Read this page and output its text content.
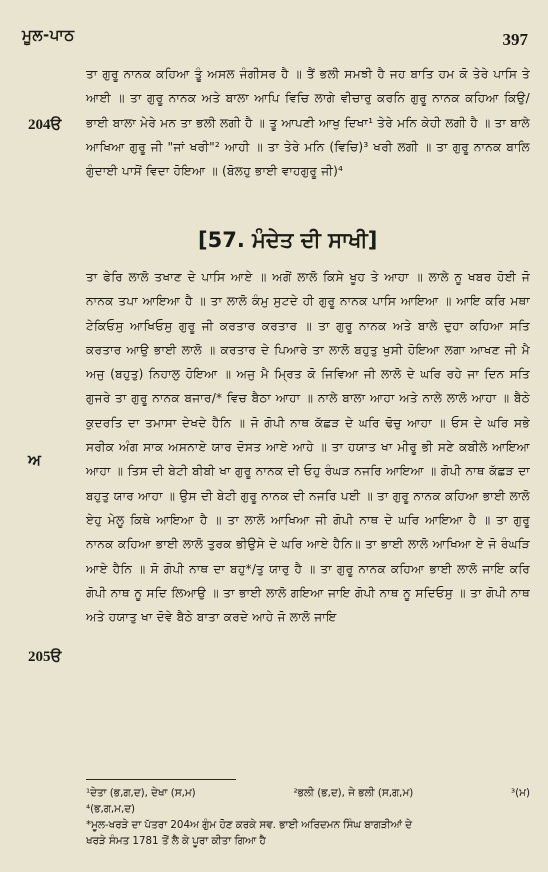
ਮੂਲ-ਪਾਠ	397
ਤਾ ਗੁਰੂ ਨਾਨਕ ਕਹਿਆ ਤੂੰ ਅਸਲ ਜੰਗੀਸਰ ਹੈ ॥ ਤੈਂ ਭਲੀ ਸਮਝੀ ਹੈ ਜਹ ਬਾਤਿ ਹਮ ਕੋ ਤੇਰੇ ਪਾਸਿ ਤੇ ਆਈ ॥ ਤਾ ਗੁਰੂ ਨਾਨਕ ਅਤੇ ਬਾਲਾ ਆਪਿ ਵਿਚਿ ਲਾਗੇ ਵੀਚਾਰੁ ਕਰਨਿ ਗੁਰੂ ਨਾਨਕ ਕਹਿਆ ਕਿਉ/ਭਾਈ ਬਾਲਾ ਮੇਰੇ ਮਨ ਤਾ ਭਲੀ ਲਗੀ ਹੈ ॥ ਤੂ ਆਪਣੀ ਆਖੁ ਦਿਖਾ¹ ਤੇਰੇ ਮਨਿ ਕੇਹੀ ਲਗੀ ਹੈ ॥ ਤਾ ਬਾਲੇ ਆਖਿਆ ਗੁਰੂ ਜੀ "ਜਾਂ ਖਰੀ"² ਆਹੀ ॥ ਤਾ ਤੇਰੇ ਮਨਿ (ਵਿਚਿ)³ ਖਰੀ ਲਗੀ ॥ ਤਾ ਗੁਰੂ ਨਾਨਕ ਬਾਲਿ ਗੁੰਦਾਈ ਪਾਸੋਂ ਵਿਦਾ ਹੋਇਆ ॥ (ਬੋਲਹੁ ਭਾਈ ਵਾਹਗੁਰੂ ਜੀ)⁴
204ੳ
[57. ਮੰਦੇਤ ਦੀ ਸਾਖੀ]
ਤਾ ਫੇਰਿ ਲਾਲੋ ਤਖਾਣ ਦੇ ਪਾਸਿ ਆਏ ॥ ਅਗੋਂ ਲਾਲੋ ਕਿਸੇ ਖੂਹ ਤੇ ਆਹਾ ॥ ਲਾਲੇ ਨੂ ਖਬਰ ਹੋਈ ਜੋ ਨਾਨਕ ਤਪਾ ਆਇਆ ਹੈ ॥ ਤਾ ਲਾਲੋ ਕੰਮੁ ਸੁਟਦੇ ਹੀ ਗੁਰੂ ਨਾਨਕ ਪਾਸਿ ਆਇਆ ॥ ਆਇ ਕਰਿ ਮਥਾ ਟੇਕਿਓਸੁ ਆਖਿਓਸੁ ਗੁਰੂ ਜੀ ਕਰਤਾਰ ਕਰਤਾਰ ॥ ਤਾ ਗੁਰੂ ਨਾਨਕ ਅਤੇ ਬਾਲੇ ਦੁਹਾ ਕਹਿਆ ਸਤਿ ਕਰਤਾਰ ਆਉ ਭਾਈ ਲਾਲੋ ॥ ਕਰਤਾਰ ਦੇ ਪਿਆਰੇ ਤਾ ਲਾਲੋ ਬਹੁਤੁ ਖੁਸੀ ਹੋਇਆ ਲਗਾ ਆਖਣ ਜੀ ਮੈ ਅਜੁ (ਬਹੁਤੁ) ਨਿਹਾਲੁ ਹੋਇਆ ॥ ਅਜੁ ਮੈ ਮ੍ਰਿਤ ਕੋ ਜਿਵਿਆ ਜੀ ਲਾਲੋ ਦੇ ਘਰਿ ਰਹੇ ਜਾ ਦਿਨ ਸਤਿ ਗੁਜਰੇ ਤਾ ਗੁਰੂ ਨਾਨਕ ਬਜਾਰ/* ਵਿਚ ਬੈਠਾ ਆਹਾ ॥ ਨਾਲੇ ਬਾਲਾ ਆਹਾ ਅਤੇ ਨਾਲੇ ਲਾਲੋ ਆਹਾ ॥ ਬੈਠੇ ਕੁਦਰਤਿ ਦਾ ਤਮਾਸਾ ਦੇਖਦੇ ਹੈਨਿ ॥ ਜੋ ਗੋਪੀ ਨਾਥ ਕੱਛੜ ਦੇ ਘਰਿ ਢੋਚੁ ਆਹਾ ॥ ਓਸ ਦੇ ਘਰਿ ਸਭੇ ਸਰੀਕ ਅੰਗ ਸਾਕ ਅਸਨਾਏ ਯਾਰ ਦੋਸਤ ਆਏ ਆਹੇ ॥ ਤਾ ਹਯਾਤ ਖਾ ਮੀਰੂ ਭੀ ਸਣੇ ਕਬੀਲੇ ਆਇਆ ਆਹਾ ॥ ਤਿਸ ਦੀ ਬੇਟੀ ਬੀਬੀ ਖਾ ਗੁਰੂ ਨਾਨਕ ਦੀ ਓਹੁ ਰੰਘੜ ਨਜਰਿ ਆਇਆ ॥ ਗੋਪੀ ਨਾਥ ਕੱਛੜ ਦਾ ਬਹੁਤੁ ਯਾਰ ਆਹਾ ॥ ਉਸ ਦੀ ਬੇਟੀ ਗੁਰੂ ਨਾਨਕ ਦੀ ਨਜਰਿ ਪਈ ॥ ਤਾ ਗੁਰੂ ਨਾਨਕ ਕਹਿਆ ਭਾਈ ਲਾਲੋ ਏਹੁ ਮੇਲੂ ਕਿਥੇ ਆਇਆ ਹੈ ॥ ਤਾ ਲਾਲੋ ਆਖਿਆ ਜੀ ਗੋਪੀ ਨਾਥ ਦੇ ਘਰਿ ਆਇਆ ਹੈ ॥ ਤਾ ਗੁਰੂ ਨਾਨਕ ਕਹਿਆ ਭਾਈ ਲਾਲੋ ਤੁਰਕ ਭੀਉਸੇ ਦੇ ਘਰਿ ਆਏ ਹੈਨਿ॥ ਤਾ ਭਾਈ ਲਾਲੋ ਆਖਿਆ ਏ ਜੋ ਰੰਘੜਿ ਆਏ ਹੈਨਿ ॥ ਸੋ ਗੋਪੀ ਨਾਥ ਦਾ ਬਹੁ*/ਤੁ ਯਾਰੁ ਹੈ ॥ ਤਾ ਗੁਰੂ ਨਾਨਕ ਕਹਿਆ ਭਾਈ ਲਾਲੋ ਜਾਇ ਕਰਿ ਗੋਪੀ ਨਾਥ ਨੂ ਸਦਿ ਲਿਆਉ ॥ ਤਾ ਭਾਈ ਲਾਲੋ ਗਇਆ ਜਾਇ ਗੋਪੀ ਨਾਥ ਨੂ ਸਦਿਓਸੁ ॥ ਤਾ ਗੋਪੀ ਨਾਥ ਅਤੇ ਹਯਾਤੁ ਖਾ ਦੋਵੇ ਬੈਠੇ ਬਾਤਾ ਕਰਦੇ ਆਹੇ ਜੋ ਲਾਲੋ ਜਾਇ
ਅ
205ੳ
¹ਦੇਤਾ (ਭ,ਗ,ਦ), ਦੇਖਾ (ਸ,ਮ)	²ਭਲੀ (ਭ,ਦ), ਜੇ ਭਲੀ (ਸ,ਗ,ਮ)	³(ਮ)
⁴(ਭ,ਗ,ਮ,ਦ)
*ਮੂਲ-ਖਰੜੇ ਦਾ ਪੱਤਰਾ 204ਅ ਗੁੰਮ ਹੋਣ ਕਰਕੇ ਸਵ. ਭਾਈ ਅਰਿਦਮਨ ਸਿੰਘ ਬਾਗੜੀਆਂ ਦੇ
ਖਰੜੇ ਸੰਮਤ 1781 ਤੋਂ ਲੈ ਕੇ ਪੂਰਾ ਕੀਤਾ ਗਿਆ ਹੈ
